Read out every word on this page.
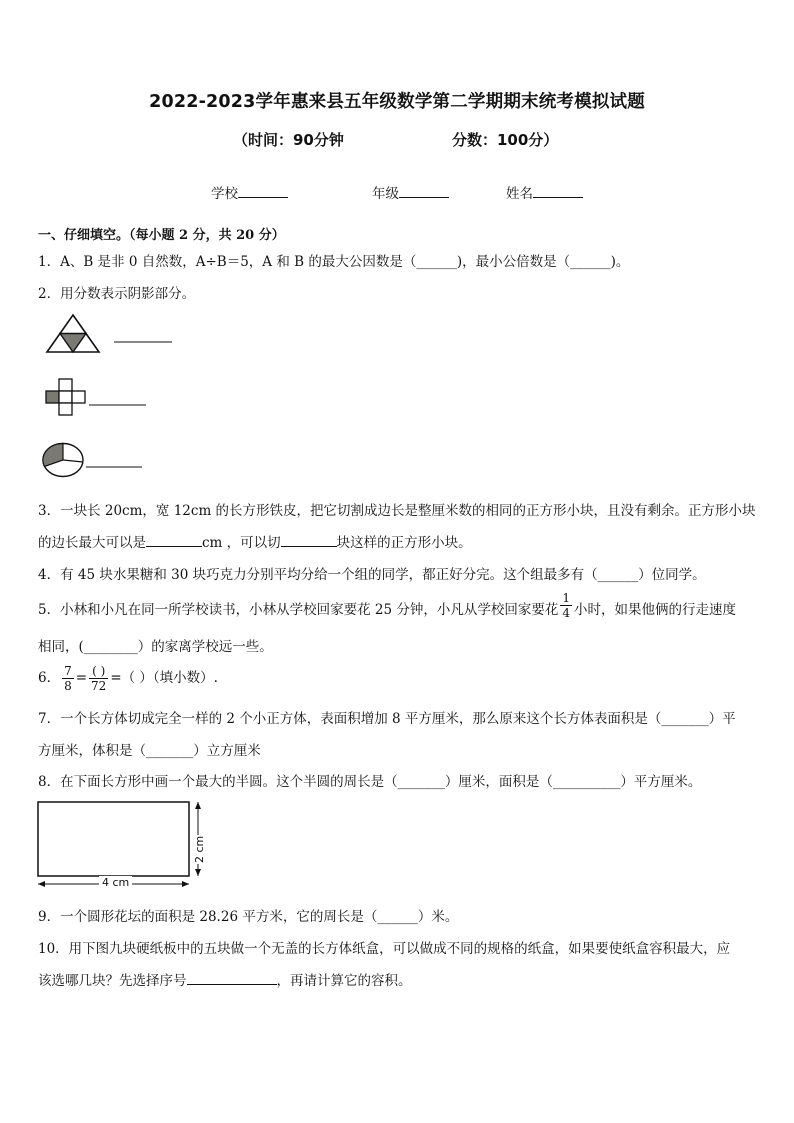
2022-2023学年惠来县五年级数学第二学期期末统考模拟试题
（时间：90分钟	分数：100分）
学校	年级	姓名
一、仔细填空。（每小题 2 分，共 20 分）
1．A、B 是非 0 自然数，A÷B＝5，A 和 B 的最大公因数是（______)，最小公倍数是（______)。
2．用分数表示阴影部分。
3．一块长 20cm，宽 12cm 的长方形铁皮，把它切割成边长是整厘米数的相同的正方形小块，且没有剩余。正方形小块
的边长最大可以是	cm ，可以切	块这样的正方形小块。
4．有 45 块水果糖和 30 块巧克力分别平均分给一个组的同学，都正好分完。这个组最多有（______）位同学。
5．小林和小凡在同一所学校读书，小林从学校回家要花 25 分钟，小凡从学校回家要花 $\frac{1}{4}$ 小时，如果他俩的行走速度
相同，(________）的家离学校远一些。
6． $\frac{7}{8} = \frac{( )}{72}$ =（ ）（填小数）.
7．一个长方体切成完全一样的 2 个小正方体，表面积增加 8 平方厘米，那么原来这个长方体表面积是（_______）平
方厘米，体积是（_______）立方厘米
8．在下面长方形中画一个最大的半圆。这个半圆的周长是（_______）厘米，面积是（__________）平方厘米。
2 cm
4 cm
9．一个圆形花坛的面积是 28.26 平方米，它的周长是（______）米。
10．用下图九块硬纸板中的五块做一个无盖的长方体纸盒，可以做成不同的规格的纸盒，如果要使纸盒容积最大，应
该选哪几块？先选择序号	，再请计算它的容积。
